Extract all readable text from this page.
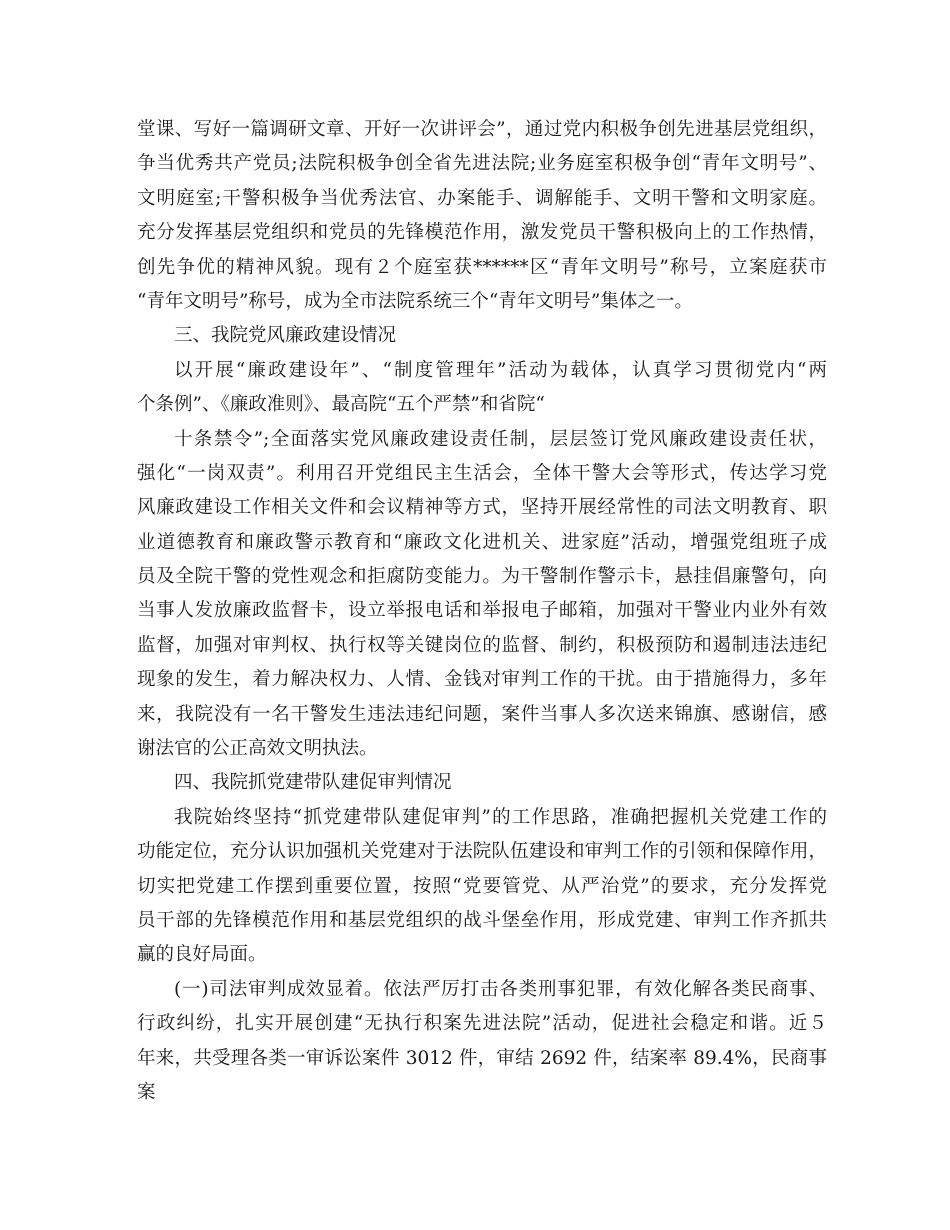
堂课、写好一篇调研文章、开好一次讲评会”，通过党内积极争创先进基层党组织，
争当优秀共产党员;法院积极争创全省先进法院;业务庭室积极争创“青年文明号”、
文明庭室;干警积极争当优秀法官、办案能手、调解能手、文明干警和文明家庭。
充分发挥基层党组织和党员的先锋模范作用，激发党员干警积极向上的工作热情，
创先争优的精神风貌。现有２个庭室获******区“青年文明号”称号，立案庭获市
“青年文明号”称号，成为全市法院系统三个“青年文明号”集体之一。
三、我院党风廉政建设情况
以开展“廉政建设年”、“制度管理年”活动为载体，认真学习贯彻党内“两
个条例”、《廉政准则》、最高院“五个严禁”和省院“
十条禁令”;全面落实党风廉政建设责任制，层层签订党风廉政建设责任状，
强化“一岗双责”。利用召开党组民主生活会，全体干警大会等形式，传达学习党
风廉政建设工作相关文件和会议精神等方式，坚持开展经常性的司法文明教育、职
业道德教育和廉政警示教育和“廉政文化进机关、进家庭”活动，增强党组班子成
员及全院干警的党性观念和拒腐防变能力。为干警制作警示卡，悬挂倡廉警句，向
当事人发放廉政监督卡，设立举报电话和举报电子邮箱，加强对干警业内业外有效
监督，加强对审判权、执行权等关键岗位的监督、制约，积极预防和遏制违法违纪
现象的发生，着力解决权力、人情、金钱对审判工作的干扰。由于措施得力，多年
来，我院没有一名干警发生违法违纪问题，案件当事人多次送来锦旗、感谢信，感
谢法官的公正高效文明执法。
四、我院抓党建带队建促审判情况
我院始终坚持“抓党建带队建促审判”的工作思路，准确把握机关党建工作的
功能定位，充分认识加强机关党建对于法院队伍建设和审判工作的引领和保障作用，
切实把党建工作摆到重要位置，按照“党要管党、从严治党”的要求，充分发挥党
员干部的先锋模范作用和基层党组织的战斗堡垒作用，形成党建、审判工作齐抓共
赢的良好局面。
(一)司法审判成效显着。依法严厉打击各类刑事犯罪，有效化解各类民商事、
行政纠纷，扎实开展创建“无执行积案先进法院”活动，促进社会稳定和谐。近５
年来，共受理各类一审诉讼案件 3012 件，审结 2692 件，结案率 89.4%，民商事案
